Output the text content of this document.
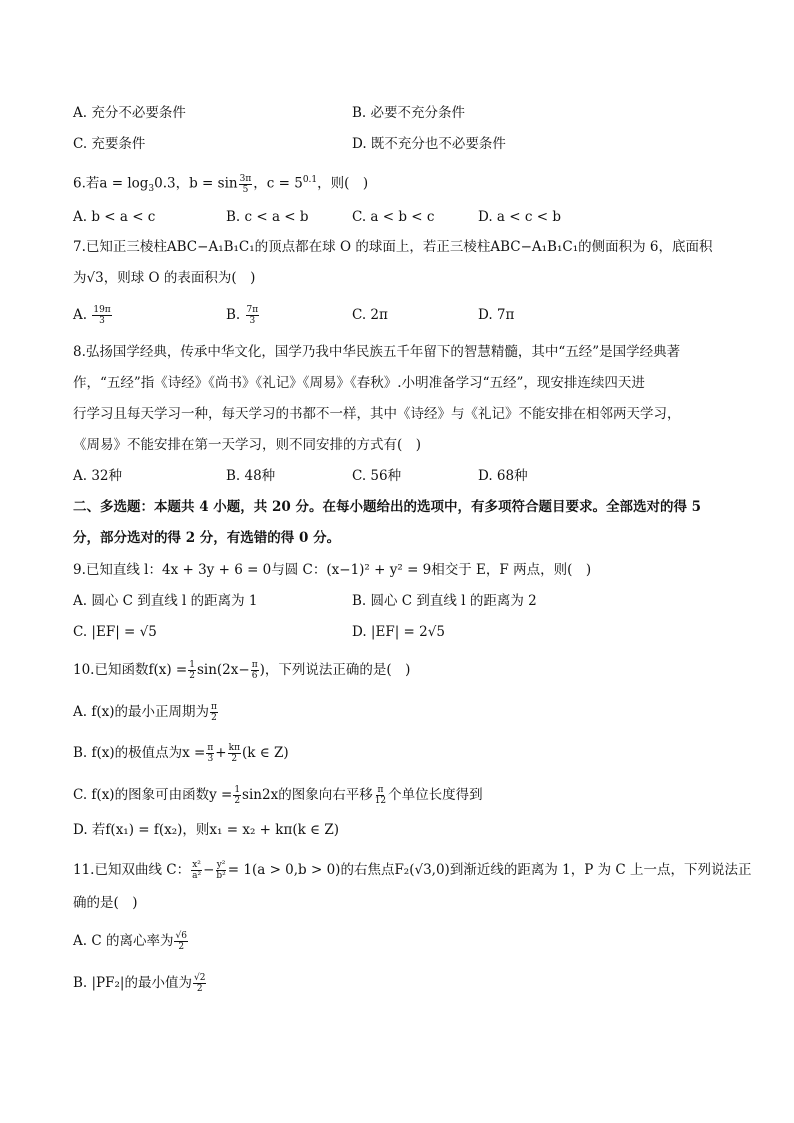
A. 充分不必要条件	B. 必要不充分条件
C. 充要条件	D. 既不充分也不必要条件
6.若$a = \log_30.3$，$b = \sin \frac{3\pi}{5}$ ，$c = 5^{0.1}$，则(　)
A. b < a < c	B. c < a < b	C. a < b < c	D. a < c < b
7.已知正三棱柱ABC−A₁B₁C₁的顶点都在球 O 的球面上，若正三棱柱ABC−A₁B₁C₁的侧面积为 6，底面积
为√3，则球 O 的表面积为(　)
A. $\frac{19\pi}{3}$	B. $\frac{7\pi}{3}$	C. 2π	D. 7π
8.弘扬国学经典，传承中华文化，国学乃我中华民族五千年留下的智慧精髓，其中“五经”是国学经典著
作，“五经”指《诗经》《尚书》《礼记》《周易》《春秋》.小明准备学习“五经”，现安排连续四天进
行学习且每天学习一种，每天学习的书都不一样，其中《诗经》与《礼记》不能安排在相邻两天学习，
《周易》不能安排在第一天学习，则不同安排的方式有(　)
A. 32种	B. 48种	C. 56种	D. 68种
二、多选题：本题共 4 小题，共 20 分。在每小题给出的选项中，有多项符合题目要求。全部选对的得 5
分，部分选对的得 2 分，有选错的得 0 分。
9.已知直线 l：4x + 3y + 6 = 0与圆 C：(x−1)² + y² = 9相交于 E，F 两点，则(　)
A. 圆心 C 到直线 l 的距离为 1	B. 圆心 C 到直线 l 的距离为 2
C. |EF| = √5	D. |EF| = 2√5
10.已知函数$f(x) = \frac{1}{2} \sin(2x- \frac{\pi}{6}$ )，下列说法正确的是(　)
A. f(x)的最小正周期为 $\frac{\pi}{2}$
B. f(x)的极值点为$x = \frac{\pi}{3} + \frac{k\pi}{2} (k$ ∈ Z)
C. f(x)的图象可由函数$y = \frac{1}{2} \sin 2x$的图象向右平移 $\frac{\pi}{12}$ 个单位长度得到
D. 若f(x₁) = f(x₂)，则x₁ = x₂ + kπ(k ∈ Z)
11.已知双曲线 C： $\frac{\text{x²}}{\text{a²}} - \frac{\text{y²}}{\text{b²}} = 1(a > 0,b > 0)$的右焦点F₂(√3,0)到渐近线的距离为 1，P 为 C 上一点，下列说法正
确的是(　)
A. C 的离心率为 $\frac{√6}{2}$
B. |PF₂|的最小值为 $\frac{√2}{2}$
